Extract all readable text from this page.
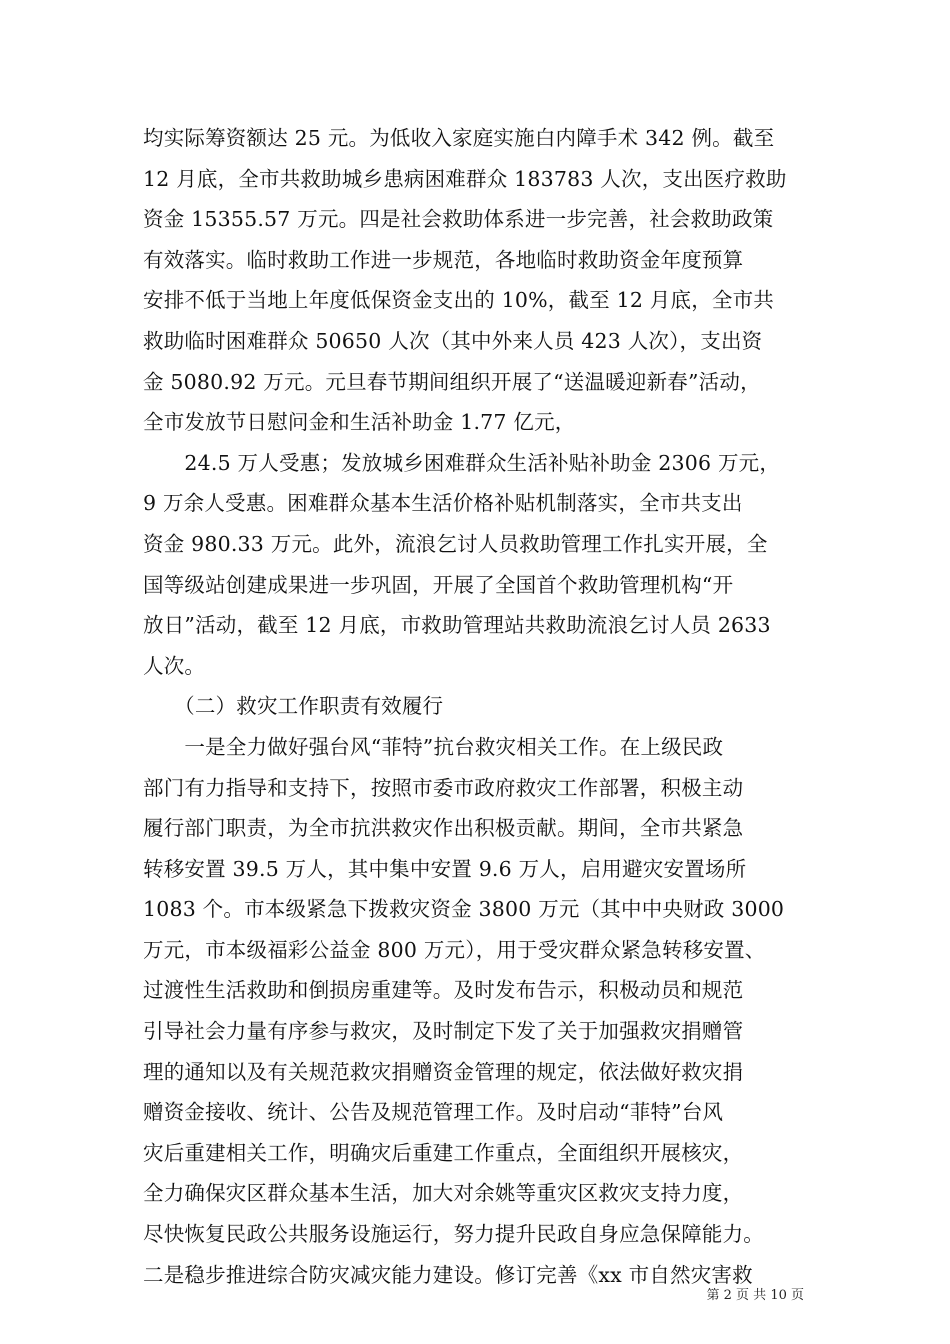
均实际筹资额达 25 元。为低收入家庭实施白内障手术 342 例。截至
12 月底，全市共救助城乡患病困难群众 183783 人次，支出医疗救助
资金 15355.57 万元。四是社会救助体系进一步完善，社会救助政策
有效落实。临时救助工作进一步规范，各地临时救助资金年度预算
安排不低于当地上年度低保资金支出的 10%，截至 12 月底，全市共
救助临时困难群众 50650 人次（其中外来人员 423 人次），支出资
金 5080.92 万元。元旦春节期间组织开展了“送温暖迎新春”活动，
全市发放节日慰问金和生活补助金 1.77 亿元，
　　24.5 万人受惠；发放城乡困难群众生活补贴补助金 2306 万元，
9 万余人受惠。困难群众基本生活价格补贴机制落实，全市共支出
资金 980.33 万元。此外，流浪乞讨人员救助管理工作扎实开展，全
国等级站创建成果进一步巩固，开展了全国首个救助管理机构“开
放日”活动，截至 12 月底，市救助管理站共救助流浪乞讨人员 2633
人次。
　　（二）救灾工作职责有效履行
　　一是全力做好强台风“菲特”抗台救灾相关工作。在上级民政
部门有力指导和支持下，按照市委市政府救灾工作部署，积极主动
履行部门职责，为全市抗洪救灾作出积极贡献。期间，全市共紧急
转移安置 39.5 万人，其中集中安置 9.6 万人，启用避灾安置场所
1083 个。市本级紧急下拨救灾资金 3800 万元（其中中央财政 3000
万元，市本级福彩公益金 800 万元），用于受灾群众紧急转移安置、
过渡性生活救助和倒损房重建等。及时发布告示，积极动员和规范
引导社会力量有序参与救灾，及时制定下发了关于加强救灾捐赠管
理的通知以及有关规范救灾捐赠资金管理的规定，依法做好救灾捐
赠资金接收、统计、公告及规范管理工作。及时启动“菲特”台风
灾后重建相关工作，明确灾后重建工作重点，全面组织开展核灾，
全力确保灾区群众基本生活，加大对余姚等重灾区救灾支持力度，
尽快恢复民政公共服务设施运行，努力提升民政自身应急保障能力。
二是稳步推进综合防灾减灾能力建设。修订完善《xx 市自然灾害救
第 2 页 共 10 页
